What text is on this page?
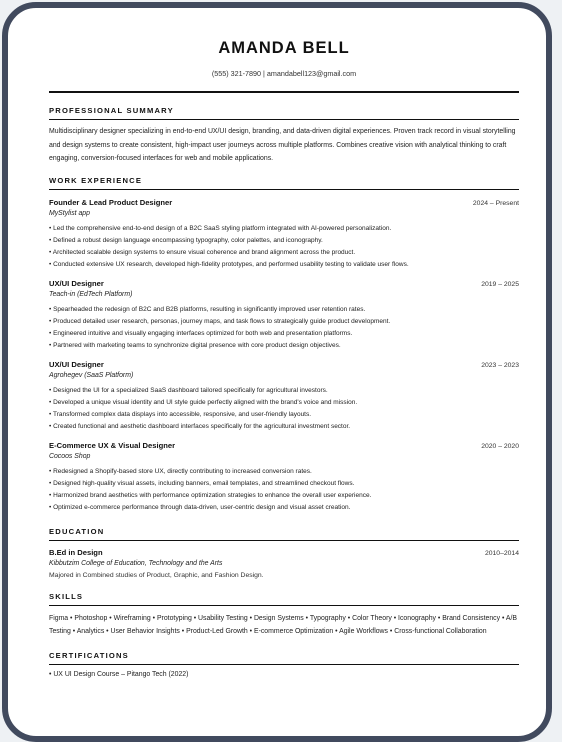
AMANDA BELL
(555) 321-7890 | amandabell123@gmail.com
PROFESSIONAL SUMMARY
Multidisciplinary designer specializing in end-to-end UX/UI design, branding, and data-driven digital experiences. Proven track record in visual storytelling and design systems to create consistent, high-impact user journeys across multiple platforms. Combines creative vision with analytical thinking to craft engaging, conversion-focused interfaces for web and mobile applications.
WORK EXPERIENCE
Founder & Lead Product Designer	2024 – Present
MyStylist app
• Led the comprehensive end-to-end design of a B2C SaaS styling platform integrated with AI-powered personalization.
• Defined a robust design language encompassing typography, color palettes, and iconography.
• Architected scalable design systems to ensure visual coherence and brand alignment across the product.
• Conducted extensive UX research, developed high-fidelity prototypes, and performed usability testing to validate user flows.
UX/UI Designer	2019 – 2025
Teach-in (EdTech Platform)
• Spearheaded the redesign of B2C and B2B platforms, resulting in significantly improved user retention rates.
• Produced detailed user research, personas, journey maps, and task flows to strategically guide product development.
• Engineered intuitive and visually engaging interfaces optimized for both web and presentation platforms.
• Partnered with marketing teams to synchronize digital presence with core product design objectives.
UX/UI Designer	2023 – 2023
Agrohegev (SaaS Platform)
• Designed the UI for a specialized SaaS dashboard tailored specifically for agricultural investors.
• Developed a unique visual identity and UI style guide perfectly aligned with the brand's voice and mission.
• Transformed complex data displays into accessible, responsive, and user-friendly layouts.
• Created functional and aesthetic dashboard interfaces specifically for the agricultural investment sector.
E-Commerce UX & Visual Designer	2020 – 2020
Cocoos Shop
• Redesigned a Shopify-based store UX, directly contributing to increased conversion rates.
• Designed high-quality visual assets, including banners, email templates, and streamlined checkout flows.
• Harmonized brand aesthetics with performance optimization strategies to enhance the overall user experience.
• Optimized e-commerce performance through data-driven, user-centric design and visual asset creation.
EDUCATION
B.Ed in Design	2010–2014
Kibbutzim College of Education, Technology and the Arts
Majored in Combined studies of Product, Graphic, and Fashion Design.
SKILLS
Figma • Photoshop • Wireframing • Prototyping • Usability Testing • Design Systems • Typography • Color Theory • Iconography • Brand Consistency • A/B Testing • Analytics • User Behavior Insights • Product-Led Growth • E-commerce Optimization • Agile Workflows • Cross-functional Collaboration
CERTIFICATIONS
• UX UI Design Course – Pitango Tech (2022)
